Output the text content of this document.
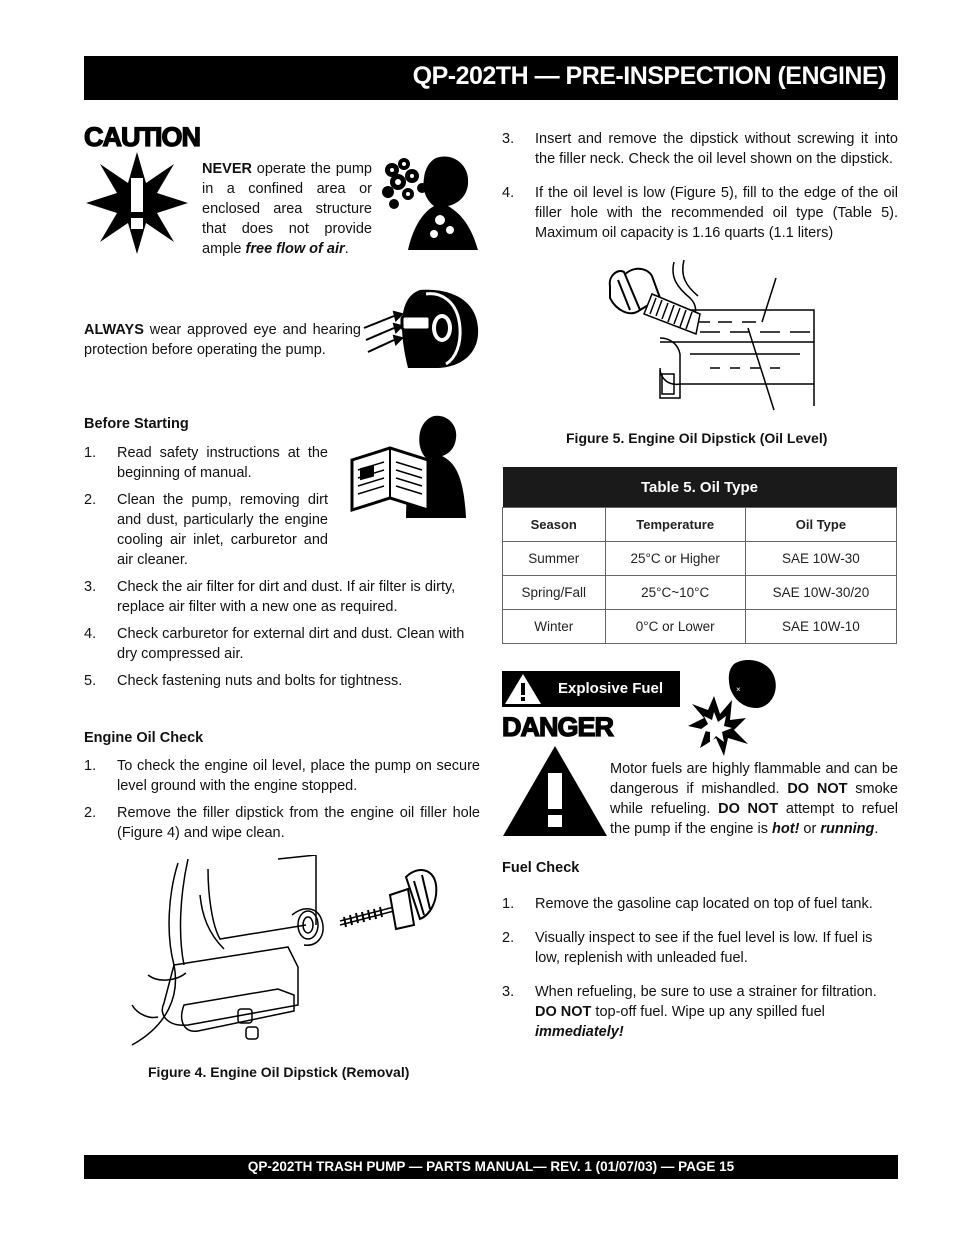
QP-202TH — PRE-INSPECTION (ENGINE)
CAUTION
NEVER operate the pump in a confined area or enclosed area structure that does not provide ample free flow of air.
ALWAYS wear approved eye and hearing protection before operating the pump.
Before Starting
1. Read safety instructions at the beginning of manual.
2. Clean the pump, removing dirt and dust, particularly the engine cooling air inlet, carburetor and air cleaner.
3. Check the air filter for dirt and dust. If air filter is dirty, replace air filter with a new one as required.
4. Check carburetor for external dirt and dust. Clean with dry compressed air.
5. Check fastening nuts and bolts for tightness.
Engine Oil Check
1. To check the engine oil level, place the pump on secure level ground with the engine stopped.
2. Remove the filler dipstick from the engine oil filler hole (Figure 4) and wipe clean.
Figure 4. Engine Oil Dipstick (Removal)
3. Insert and remove the dipstick without screwing it into the filler neck. Check the oil level shown on the dipstick.
4. If the oil level is low (Figure 5), fill to the edge of the oil filler hole with the recommended oil type (Table 5). Maximum oil capacity is 1.16 quarts (1.1 liters)
Figure 5. Engine Oil Dipstick (Oil Level)
Table 5. Oil Type		
Season	Temperature	Oil Type
Summer	25°C or Higher	SAE 10W-30
Spring/Fall	25°C~10°C	SAE 10W-30/20
Winter	0°C or Lower	SAE 10W-10
Explosive Fuel	×
DANGER
Motor fuels are highly flammable and can be dangerous if mishandled. DO NOT smoke while refueling. DO NOT attempt to refuel the pump if the engine is hot! or running.
Fuel Check
1. Remove the gasoline cap located on top of fuel tank.
2. Visually inspect to see if the fuel level is low. If fuel is low, replenish with unleaded fuel.
3. When refueling, be sure to use a strainer for filtration. DO NOT top-off fuel. Wipe up any spilled fuel immediately!
QP-202TH TRASH PUMP — PARTS MANUAL— REV. 1 (01/07/03) — PAGE 15
